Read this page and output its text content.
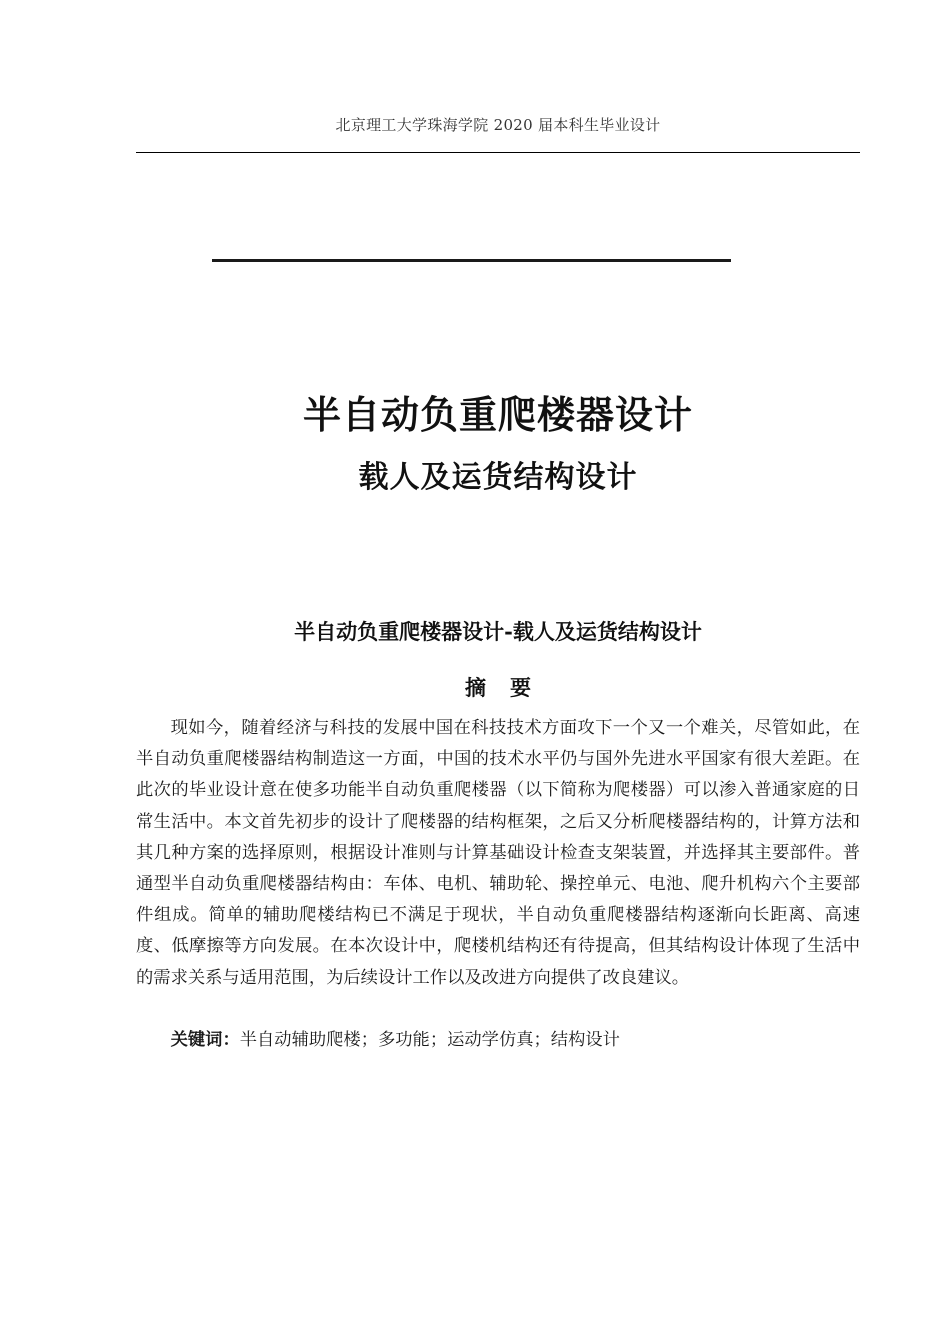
北京理工大学珠海学院 2020 届本科生毕业设计
半自动负重爬楼器设计
载人及运货结构设计
半自动负重爬楼器设计-载人及运货结构设计
摘要

现如今，随着经济与科技的发展中国在科技技术方面攻下一个又一个难关，尽管如此，在半自动负重爬楼器结构制造这一方面，中国的技术水平仍与国外先进水平国家有很大差距。在此次的毕业设计意在使多功能半自动负重爬楼器（以下简称为爬楼器）可以渗入普通家庭的日常生活中。本文首先初步的设计了爬楼器的结构框架，之后又分析爬楼器结构的，计算方法和其几种方案的选择原则，根据设计准则与计算基础设计检查支架装置，并选择其主要部件。普通型半自动负重爬楼器结构由：车体、电机、辅助轮、操控单元、电池、爬升机构六个主要部件组成。简单的辅助爬楼结构已不满足于现状，半自动负重爬楼器结构逐渐向长距离、高速度、低摩擦等方向发展。在本次设计中，爬楼机结构还有待提高，但其结构设计体现了生活中的需求关系与适用范围，为后续设计工作以及改进方向提供了改良建议。

关键词：半自动辅助爬楼；多功能；运动学仿真；结构设计
